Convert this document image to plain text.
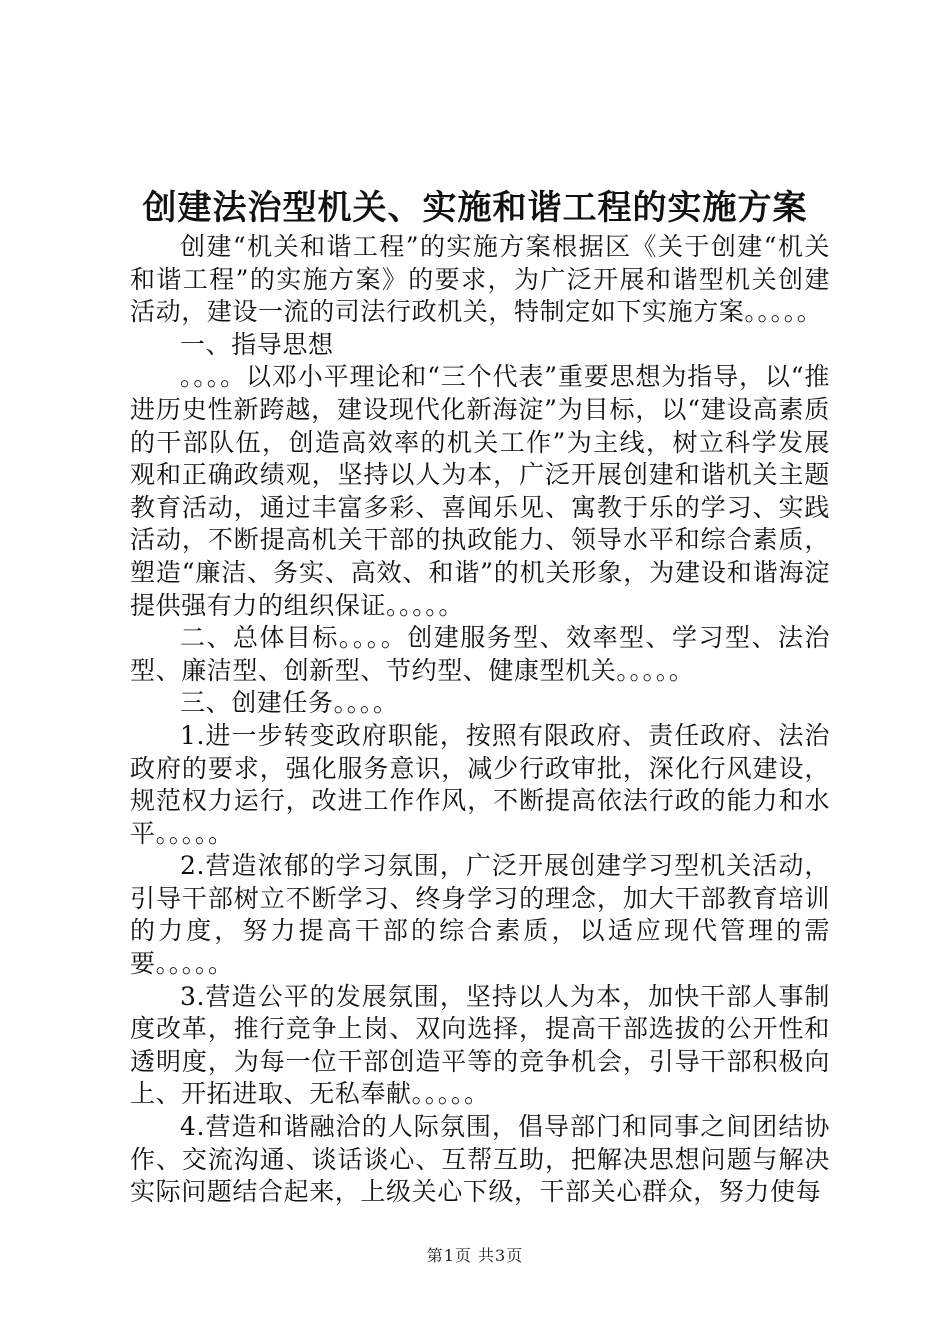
创建法治型机关、实施和谐工程的实施方案

创建“机关和谐工程”的实施方案根据区《关于创建“机关和谐工程”的实施方案》的要求，为广泛开展和谐型机关创建活动，建设一流的司法行政机关，特制定如下实施方案。。。。。

一、指导思想

。。。。以邓小平理论和“三个代表”重要思想为指导，以“推进历史性新跨越，建设现代化新海淀”为目标，以“建设高素质的干部队伍，创造高效率的机关工作”为主线，树立科学发展观和正确政绩观，坚持以人为本，广泛开展创建和谐机关主题教育活动，通过丰富多彩、喜闻乐见、寓教于乐的学习、实践活动，不断提高机关干部的执政能力、领导水平和综合素质，塑造“廉洁、务实、高效、和谐”的机关形象，为建设和谐海淀提供强有力的组织保证。。。。。

二、总体目标。。。。创建服务型、效率型、学习型、法治型、廉洁型、创新型、节约型、健康型机关。。。。。

三、创建任务。。。。

1.进一步转变政府职能，按照有限政府、责任政府、法治政府的要求，强化服务意识，减少行政审批，深化行风建设，规范权力运行，改进工作作风，不断提高依法行政的能力和水平。。。。。

2.营造浓郁的学习氛围，广泛开展创建学习型机关活动，引导干部树立不断学习、终身学习的理念，加大干部教育培训的力度，努力提高干部的综合素质，以适应现代管理的需要。。。。。

3.营造公平的发展氛围，坚持以人为本，加快干部人事制度改革，推行竞争上岗、双向选择，提高干部选拔的公开性和透明度，为每一位干部创造平等的竞争机会，引导干部积极向上、开拓进取、无私奉献。。。。。

4.营造和谐融洽的人际氛围，倡导部门和同事之间团结协作、交流沟通、谈话谈心、互帮互助，把解决思想问题与解决实际问题结合起来，上级关心下级，干部关心群众，努力使每

第1页 共3页
